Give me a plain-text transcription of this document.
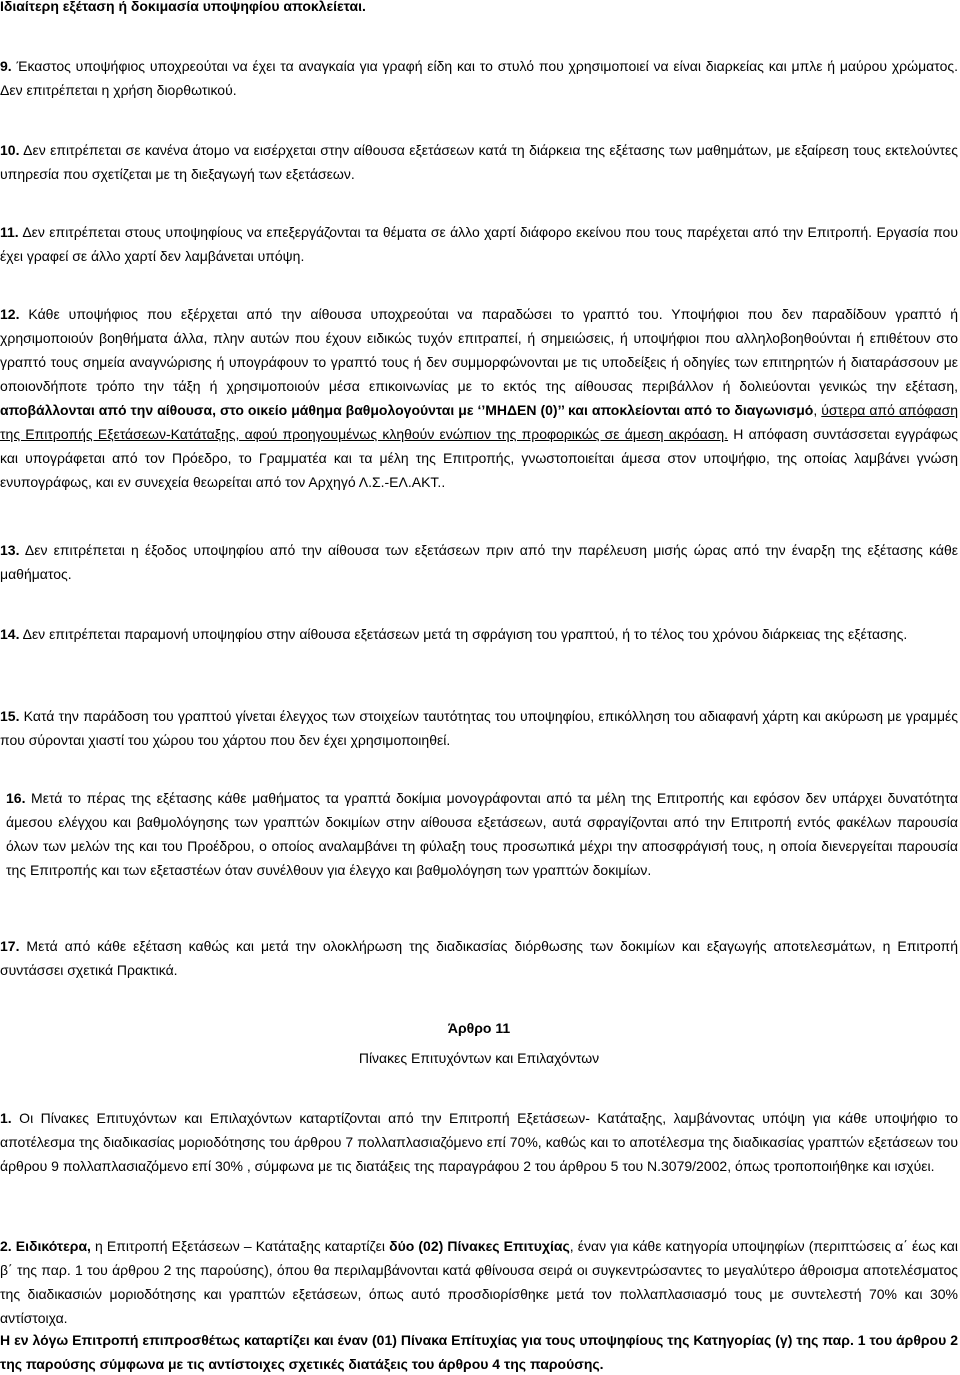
Ιδιαίτερη εξέταση ή δοκιμασία υποψηφίου αποκλείεται.

9. Έκαστος υποψήφιος υποχρεούται να έχει τα αναγκαία για γραφή είδη και το στυλό που χρησιμοποιεί να είναι διαρκείας και μπλε ή μαύρου χρώματος. Δεν επιτρέπεται η χρήση διορθωτικού.

10. Δεν επιτρέπεται σε κανένα άτομο να εισέρχεται στην αίθουσα εξετάσεων κατά τη διάρκεια της εξέτασης των μαθημάτων, με εξαίρεση τους εκτελούντες υπηρεσία που σχετίζεται με τη διεξαγωγή των εξετάσεων.

11. Δεν επιτρέπεται στους υποψηφίους να επεξεργάζονται τα θέματα σε άλλο χαρτί διάφορο εκείνου που τους παρέχεται από την Επιτροπή. Εργασία που έχει γραφεί σε άλλο χαρτί δεν λαμβάνεται υπόψη.

12. Κάθε υποψήφιος που εξέρχεται από την αίθουσα υποχρεούται να παραδώσει το γραπτό του. Υποψήφιοι που δεν παραδίδουν γραπτό ή χρησιμοποιούν βοηθήματα άλλα, πλην αυτών που έχουν ειδικώς τυχόν επιτραπεί, ή σημειώσεις, ή υποψήφιοι που αλληλοβοηθούνται ή επιθέτουν στο γραπτό τους σημεία αναγνώρισης ή υπογράφουν το γραπτό τους ή δεν συμμορφώνονται με τις υποδείξεις ή οδηγίες των επιτηρητών ή διαταράσσουν με οποιονδήποτε τρόπο την τάξη ή χρησιμοποιούν μέσα επικοινωνίας με το εκτός της αίθουσας περιβάλλον ή δολιεύονται γενικώς την εξέταση, αποβάλλονται από την αίθουσα, στο οικείο μάθημα βαθμολογούνται με ‘’ΜΗΔΕΝ (0)’’ και αποκλείονται από το διαγωνισμό, ύστερα από απόφαση της Επιτροπής Εξετάσεων-Κατάταξης, αφού προηγουμένως κληθούν ενώπιον της προφορικώς σε άμεση ακρόαση. Η απόφαση συντάσσεται εγγράφως και υπογράφεται από τον Πρόεδρο, το Γραμματέα και τα μέλη της Επιτροπής, γνωστοποιείται άμεσα στον υποψήφιο, της οποίας λαμβάνει γνώση ενυπογράφως, και εν συνεχεία θεωρείται από τον Αρχηγό Λ.Σ.-ΕΛ.ΑΚΤ..

13. Δεν επιτρέπεται η έξοδος υποψηφίου από την αίθουσα των εξετάσεων πριν από την παρέλευση μισής ώρας από την έναρξη της εξέτασης κάθε μαθήματος.

14. Δεν επιτρέπεται παραμονή υποψηφίου στην αίθουσα εξετάσεων μετά τη σφράγιση του γραπτού, ή το τέλος του χρόνου διάρκειας της εξέτασης.

15. Κατά την παράδοση του γραπτού γίνεται έλεγχος των στοιχείων ταυτότητας του υποψηφίου, επικόλληση του αδιαφανή χάρτη και ακύρωση με γραμμές που σύρονται χιαστί του χώρου του χάρτου που δεν έχει χρησιμοποιηθεί.

16. Μετά το πέρας της εξέτασης κάθε μαθήματος τα γραπτά δοκίμια μονογράφονται από τα μέλη της Επιτροπής και εφόσον δεν υπάρχει δυνατότητα άμεσου ελέγχου και βαθμολόγησης των γραπτών δοκιμίων στην αίθουσα εξετάσεων, αυτά σφραγίζονται από την Επιτροπή εντός φακέλων παρουσία όλων των μελών της και του Προέδρου, ο οποίος αναλαμβάνει τη φύλαξη τους προσωπικά μέχρι την αποσφράγισή τους, η οποία διενεργείται παρουσία της Επιτροπής και των εξεταστέων όταν συνέλθουν για έλεγχο και βαθμολόγηση των γραπτών δοκιμίων.

17. Μετά από κάθε εξέταση καθώς και μετά την ολοκλήρωση της διαδικασίας διόρθωσης των δοκιμίων και εξαγωγής αποτελεσμάτων, η Επιτροπή συντάσσει σχετικά Πρακτικά.

Άρθρο 11

Πίνακες Επιτυχόντων και Επιλαχόντων

1. Οι Πίνακες Επιτυχόντων και Επιλαχόντων καταρτίζονται από την Επιτροπή Εξετάσεων- Κατάταξης, λαμβάνοντας υπόψη για κάθε υποψήφιο το αποτέλεσμα της διαδικασίας μοριοδότησης του άρθρου 7 πολλαπλασιαζόμενο επί 70%, καθώς και το αποτέλεσμα της διαδικασίας γραπτών εξετάσεων του άρθρου 9 πολλαπλασιαζόμενο επί 30% , σύμφωνα με τις διατάξεις της παραγράφου 2 του άρθρου 5 του Ν.3079/2002, όπως τροποποιήθηκε και ισχύει.

2. Ειδικότερα, η Επιτροπή Εξετάσεων – Κατάταξης καταρτίζει δύο (02) Πίνακες Επιτυχίας, έναν για κάθε κατηγορία υποψηφίων (περιπτώσεις α΄ έως και β΄ της παρ. 1 του άρθρου 2 της παρούσης), όπου θα περιλαμβάνονται κατά φθίνουσα σειρά οι συγκεντρώσαντες το μεγαλύτερο άθροισμα αποτελέσματος της διαδικασιών μοριοδότησης και γραπτών εξετάσεων, όπως αυτό προσδιορίσθηκε μετά τον πολλαπλασιασμό τους με συντελεστή 70% και 30% αντίστοιχα.

Η εν λόγω Επιτροπή επιπροσθέτως καταρτίζει και έναν (01) Πίνακα Επίτυχίας για τους υποψηφίους της Κατηγορίας (γ) της παρ. 1 του άρθρου 2 της παρούσης σύμφωνα με τις αντίστοιχες σχετικές διατάξεις του άρθρου 4 της παρούσης.
